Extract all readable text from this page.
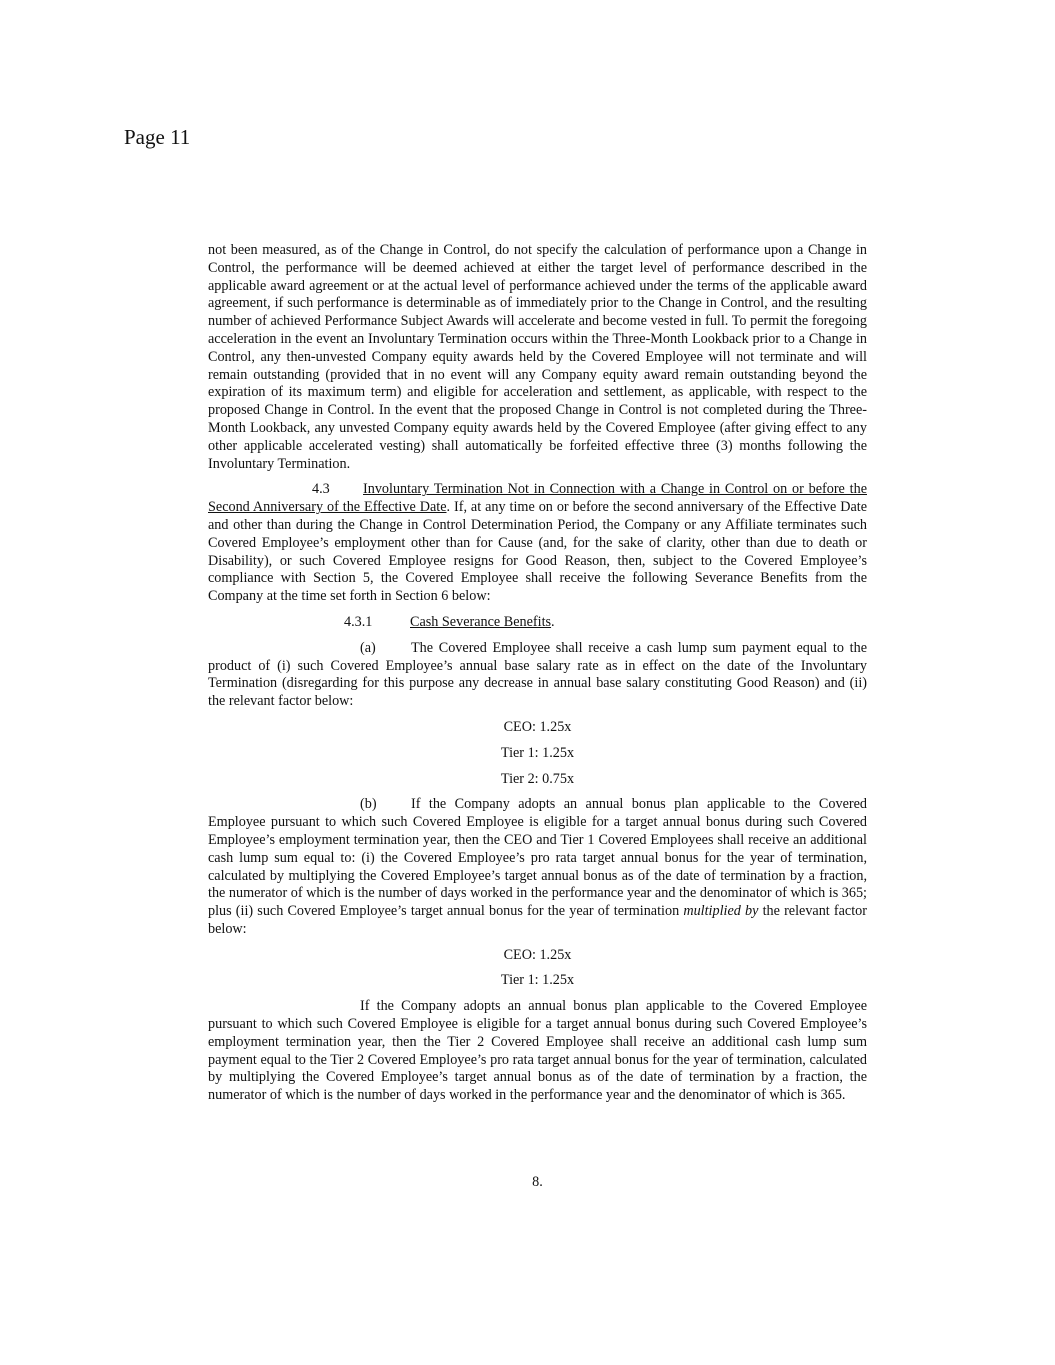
Page 11

not been measured, as of the Change in Control, do not specify the calculation of performance upon a Change in Control, the performance will be deemed achieved at either the target level of performance described in the applicable award agreement or at the actual level of performance achieved under the terms of the applicable award agreement, if such performance is determinable as of immediately prior to the Change in Control, and the resulting number of achieved Performance Subject Awards will accelerate and become vested in full. To permit the foregoing acceleration in the event an Involuntary Termination occurs within the Three-Month Lookback prior to a Change in Control, any then-unvested Company equity awards held by the Covered Employee will not terminate and will remain outstanding (provided that in no event will any Company equity award remain outstanding beyond the expiration of its maximum term) and eligible for acceleration and settlement, as applicable, with respect to the proposed Change in Control. In the event that the proposed Change in Control is not completed during the Three-Month Lookback, any unvested Company equity awards held by the Covered Employee (after giving effect to any other applicable accelerated vesting) shall automatically be forfeited effective three (3) months following the Involuntary Termination.

4.3 Involuntary Termination Not in Connection with a Change in Control on or before the Second Anniversary of the Effective Date. If, at any time on or before the second anniversary of the Effective Date and other than during the Change in Control Determination Period, the Company or any Affiliate terminates such Covered Employee’s employment other than for Cause (and, for the sake of clarity, other than due to death or Disability), or such Covered Employee resigns for Good Reason, then, subject to the Covered Employee’s compliance with Section 5, the Covered Employee shall receive the following Severance Benefits from the Company at the time set forth in Section 6 below:

4.3.1	Cash Severance Benefits.

(a) The Covered Employee shall receive a cash lump sum payment equal to the product of (i) such Covered Employee’s annual base salary rate as in effect on the date of the Involuntary Termination (disregarding for this purpose any decrease in annual base salary constituting Good Reason) and (ii) the relevant factor below:

CEO: 1.25x

Tier 1: 1.25x

Tier 2: 0.75x

(b) If the Company adopts an annual bonus plan applicable to the Covered Employee pursuant to which such Covered Employee is eligible for a target annual bonus during such Covered Employee’s employment termination year, then the CEO and Tier 1 Covered Employees shall receive an additional cash lump sum equal to: (i) the Covered Employee’s pro rata target annual bonus for the year of termination, calculated by multiplying the Covered Employee’s target annual bonus as of the date of termination by a fraction, the numerator of which is the number of days worked in the performance year and the denominator of which is 365; plus (ii) such Covered Employee’s target annual bonus for the year of termination multiplied by the relevant factor below:

CEO: 1.25x

Tier 1: 1.25x

If the Company adopts an annual bonus plan applicable to the Covered Employee pursuant to which such Covered Employee is eligible for a target annual bonus during such Covered Employee’s employment termination year, then the Tier 2 Covered Employee shall receive an additional cash lump sum payment equal to the Tier 2 Covered Employee’s pro rata target annual bonus for the year of termination, calculated by multiplying the Covered Employee’s target annual bonus as of the date of termination by a fraction, the numerator of which is the number of days worked in the performance year and the denominator of which is 365.

8.
